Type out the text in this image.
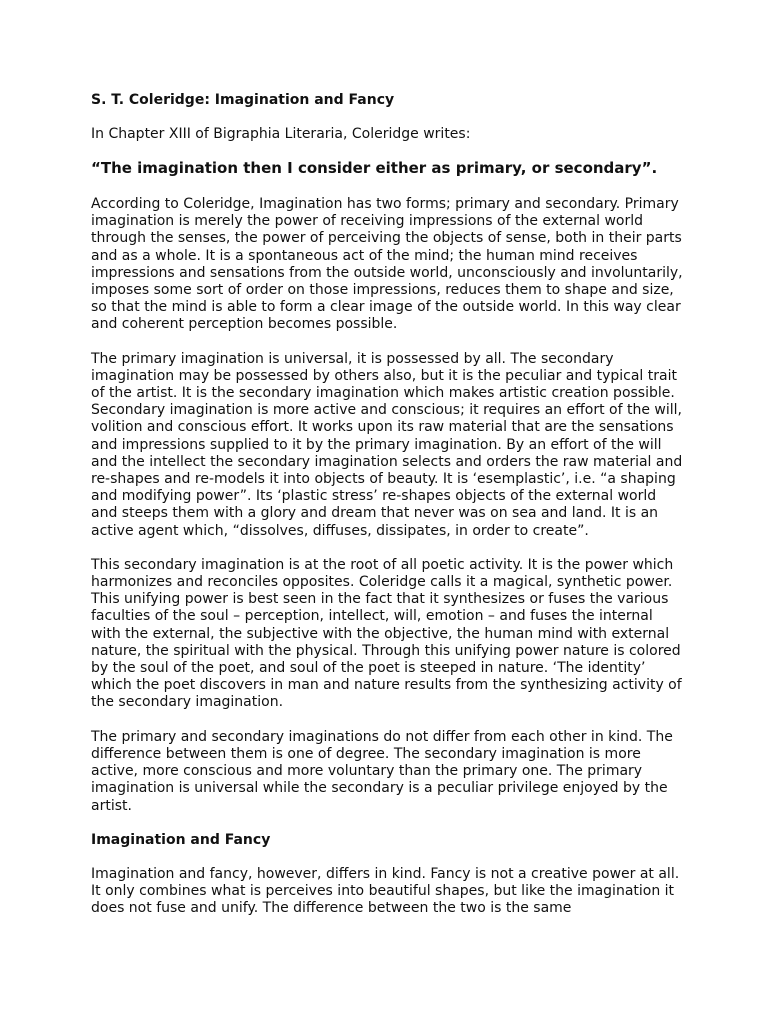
S. T. Coleridge: Imagination and Fancy

In Chapter XIII of Bigraphia Literaria, Coleridge writes:

“The imagination then I consider either as primary, or secondary”.

According to Coleridge, Imagination has two forms; primary and secondary. Primary imagination is merely the power of receiving impressions of the external world through the senses, the power of perceiving the objects of sense, both in their parts and as a whole. It is a spontaneous act of the mind; the human mind receives impressions and sensations from the outside world, unconsciously and involuntarily, imposes some sort of order on those impressions, reduces them to shape and size, so that the mind is able to form a clear image of the outside world. In this way clear and coherent perception becomes possible.

The primary imagination is universal, it is possessed by all. The secondary imagination may be possessed by others also, but it is the peculiar and typical trait of the artist. It is the secondary imagination which makes artistic creation possible. Secondary imagination is more active and conscious; it requires an effort of the will, volition and conscious effort. It works upon its raw material that are the sensations and impressions supplied to it by the primary imagination. By an effort of the will and the intellect the secondary imagination selects and orders the raw material and re-shapes and re-models it into objects of beauty. It is ‘esemplastic’, i.e. “a shaping and modifying power”. Its ‘plastic stress’ re-shapes objects of the external world and steeps them with a glory and dream that never was on sea and land. It is an active agent which, “dissolves, diffuses, dissipates, in order to create”.

This secondary imagination is at the root of all poetic activity. It is the power which harmonizes and reconciles opposites. Coleridge calls it a magical, synthetic power. This unifying power is best seen in the fact that it synthesizes or fuses the various faculties of the soul – perception, intellect, will, emotion – and fuses the internal with the external, the subjective with the objective, the human mind with external nature, the spiritual with the physical. Through this unifying power nature is colored by the soul of the poet, and soul of the poet is steeped in nature. ‘The identity’ which the poet discovers in man and nature results from the synthesizing activity of the secondary imagination.

The primary and secondary imaginations do not differ from each other in kind. The difference between them is one of degree. The secondary imagination is more active, more conscious and more voluntary than the primary one. The primary imagination is universal while the secondary is a peculiar privilege enjoyed by the artist.

Imagination and Fancy

Imagination and fancy, however, differs in kind. Fancy is not a creative power at all. It only combines what is perceives into beautiful shapes, but like the imagination it does not fuse and unify. The difference between the two is the same
